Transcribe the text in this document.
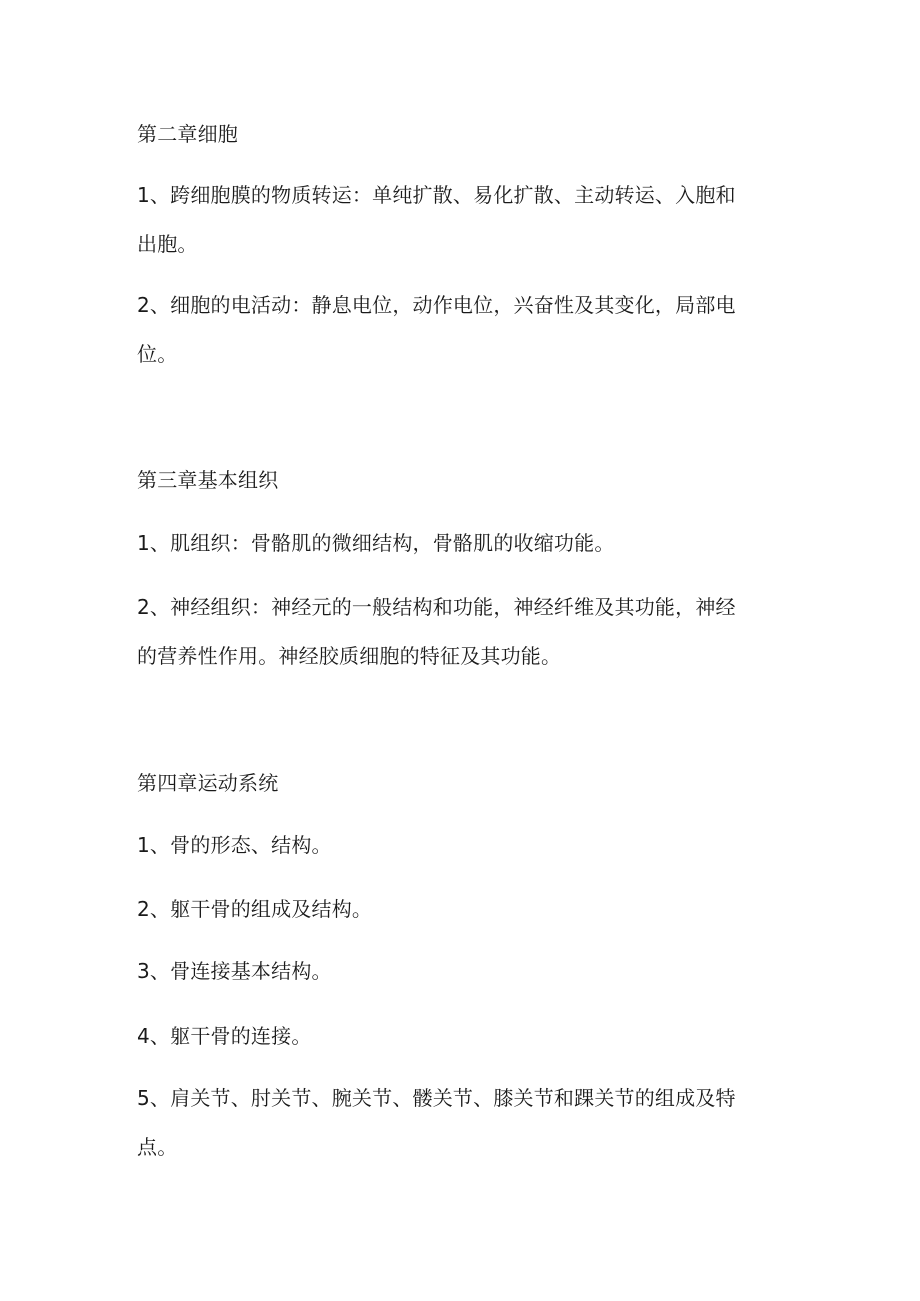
第二章细胞
1、跨细胞膜的物质转运：单纯扩散、易化扩散、主动转运、入胞和
出胞。
2、细胞的电活动：静息电位，动作电位，兴奋性及其变化，局部电
位。
第三章基本组织
1、肌组织：骨骼肌的微细结构，骨骼肌的收缩功能。
2、神经组织：神经元的一般结构和功能，神经纤维及其功能，神经
的营养性作用。神经胶质细胞的特征及其功能。
第四章运动系统
1、骨的形态、结构。
2、躯干骨的组成及结构。
3、骨连接基本结构。
4、躯干骨的连接。
5、肩关节、肘关节、腕关节、髅关节、膝关节和踝关节的组成及特
点。
